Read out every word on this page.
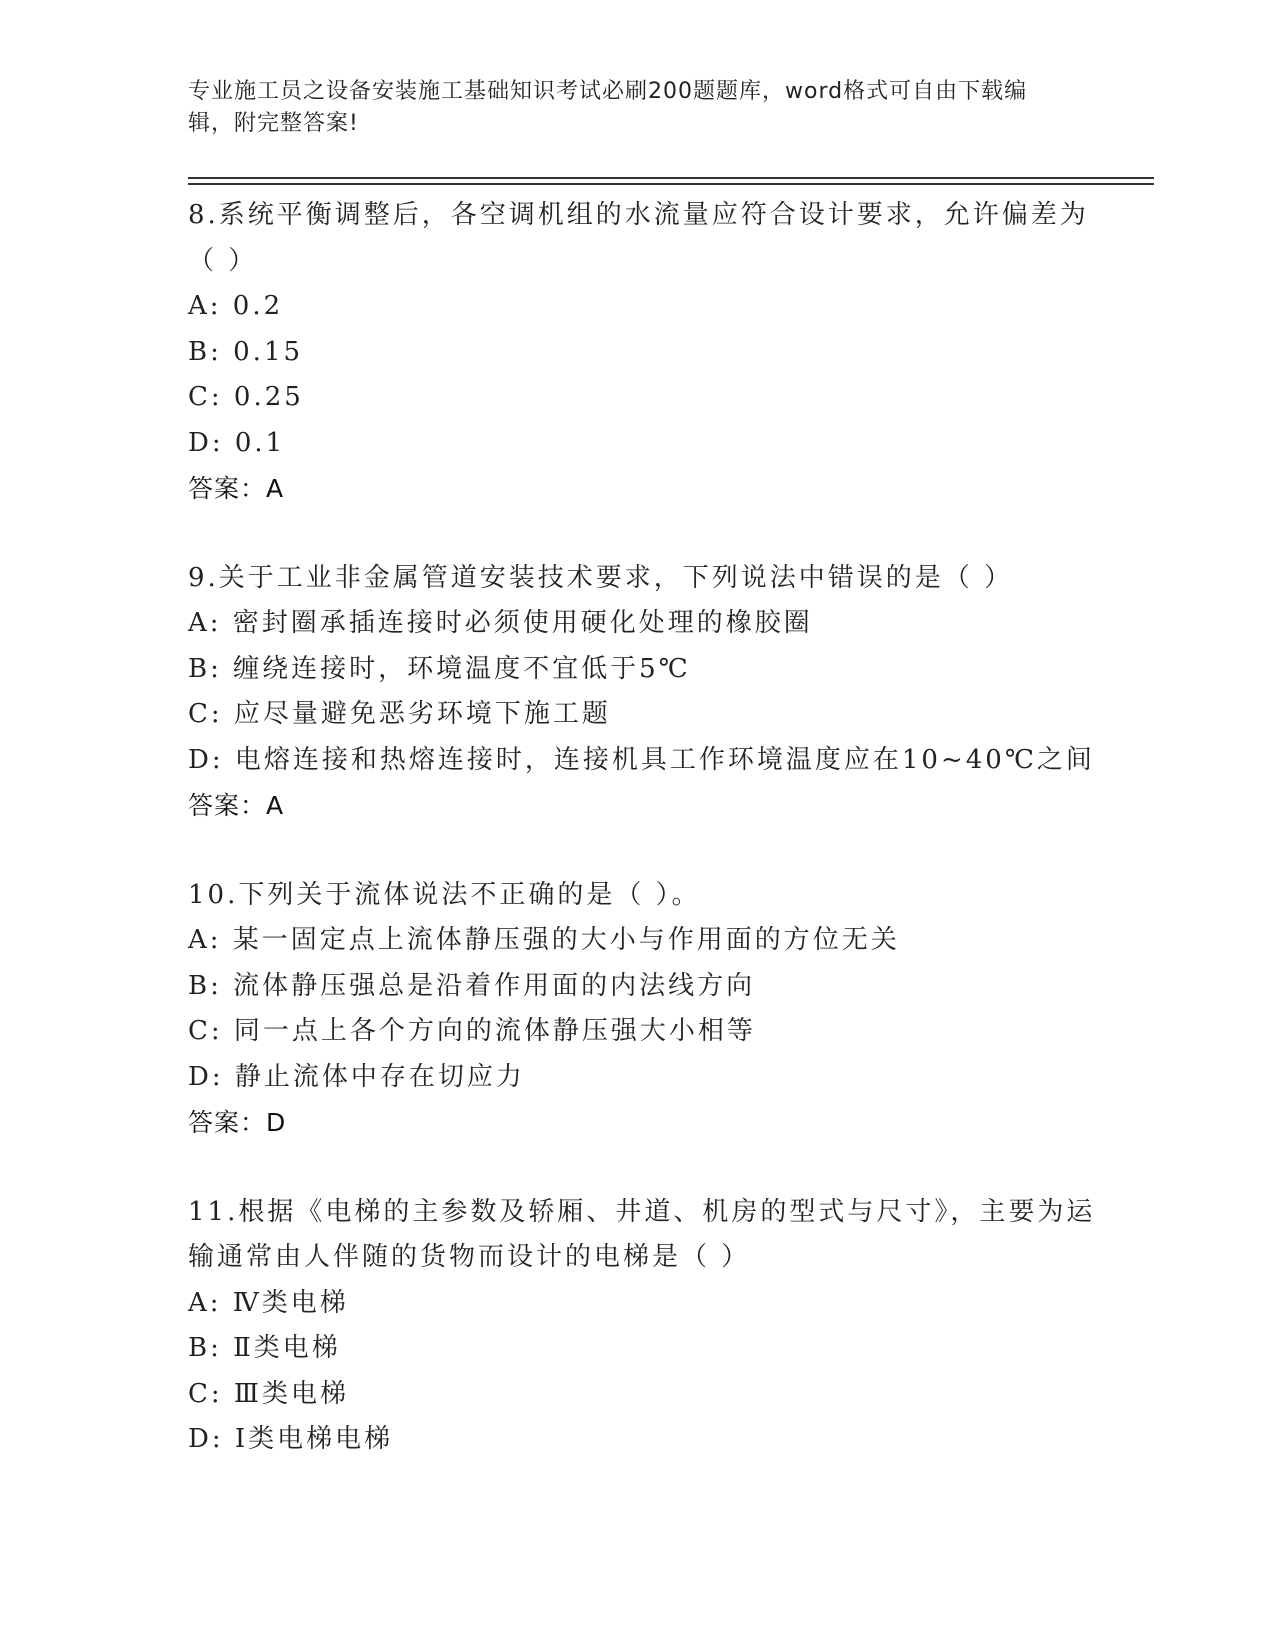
专业施工员之设备安装施工基础知识考试必刷200题题库，word格式可自由下载编辑，附完整答案!
8.系统平衡调整后，各空调机组的水流量应符合设计要求，允许偏差为（ ）
A: 0.2
B: 0.15
C: 0.25
D: 0.1
答案：A
9.关于工业非金属管道安装技术要求，下列说法中错误的是（ ）
A: 密封圈承插连接时必须使用硬化处理的橡胶圈
B: 缠绕连接时，环境温度不宜低于5℃
C: 应尽量避免恶劣环境下施工题
D: 电熔连接和热熔连接时，连接机具工作环境温度应在10~40℃之间
答案：A
10.下列关于流体说法不正确的是（ ）。
A: 某一固定点上流体静压强的大小与作用面的方位无关
B: 流体静压强总是沿着作用面的内法线方向
C: 同一点上各个方向的流体静压强大小相等
D: 静止流体中存在切应力
答案：D
11.根据《电梯的主参数及轿厢、井道、机房的型式与尺寸》，主要为运输通常由人伴随的货物而设计的电梯是（ ）
A: Ⅳ类电梯
B: Ⅱ类电梯
C: Ⅲ类电梯
D: Ⅰ类电梯电梯
